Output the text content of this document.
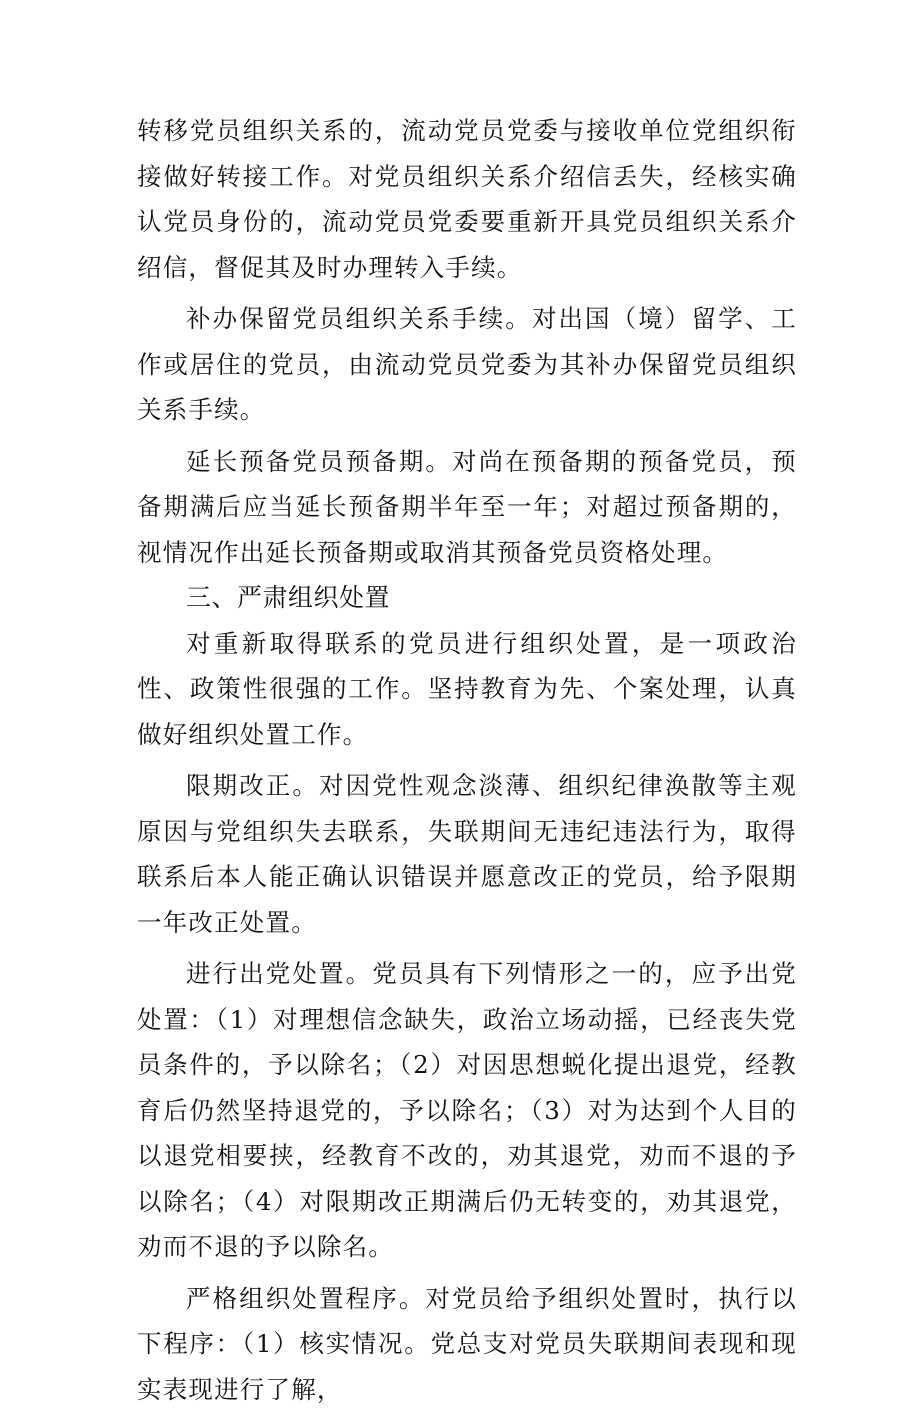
转移党员组织关系的，流动党员党委与接收单位党组织衔接做好转接工作。对党员组织关系介绍信丢失，经核实确认党员身份的，流动党员党委要重新开具党员组织关系介绍信，督促其及时办理转入手续。

补办保留党员组织关系手续。对出国（境）留学、工作或居住的党员，由流动党员党委为其补办保留党员组织关系手续。

延长预备党员预备期。对尚在预备期的预备党员，预备期满后应当延长预备期半年至一年；对超过预备期的，视情况作出延长预备期或取消其预备党员资格处理。

三、严肃组织处置

对重新取得联系的党员进行组织处置，是一项政治性、政策性很强的工作。坚持教育为先、个案处理，认真做好组织处置工作。

限期改正。对因党性观念淡薄、组织纪律涣散等主观原因与党组织失去联系，失联期间无违纪违法行为，取得联系后本人能正确认识错误并愿意改正的党员，给予限期一年改正处置。

进行出党处置。党员具有下列情形之一的，应予出党处置：（1）对理想信念缺失，政治立场动摇，已经丧失党员条件的，予以除名；（2）对因思想蜕化提出退党，经教育后仍然坚持退党的，予以除名；（3）对为达到个人目的以退党相要挟，经教育不改的，劝其退党，劝而不退的予以除名；（4）对限期改正期满后仍无转变的，劝其退党，劝而不退的予以除名。

严格组织处置程序。对党员给予组织处置时，执行以下程序：（1）核实情况。党总支对党员失联期间表现和现实表现进行了解，
